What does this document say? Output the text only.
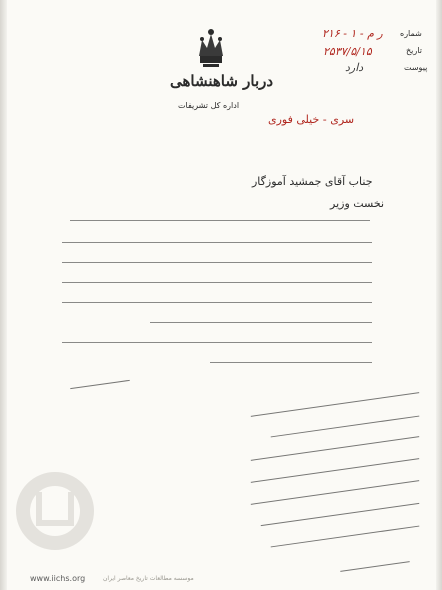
دربار شاهنشاهی
اداره کل تشریفات
شماره
۲۱۶ - ۱ - ر م
تاریخ
۲۵۳۷/۵/۱۵
پیوست
دارد
سری - خیلی فوری
جناب آقای جمشید آموزگار
نخست وزیر
www.iichs.org	موسسه مطالعات تاریخ معاصر ایران
